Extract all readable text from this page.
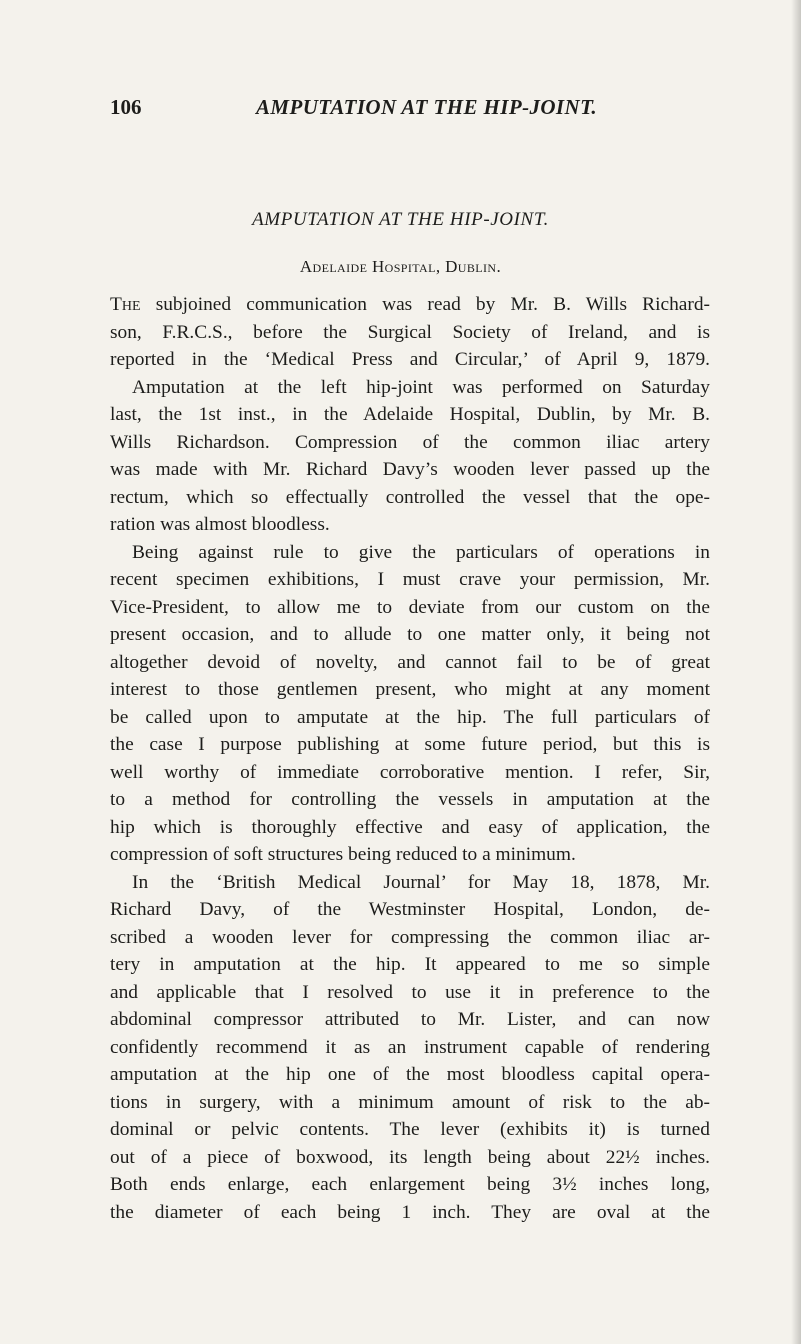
106	AMPUTATION AT THE HIP-JOINT.
AMPUTATION AT THE HIP-JOINT.
Adelaide Hospital, Dublin.
The subjoined communication was read by Mr. B. Wills Richard-
son, F.R.C.S., before the Surgical Society of Ireland, and is
reported in the ‘Medical Press and Circular,’ of April 9, 1879.
Amputation at the left hip-joint was performed on Saturday
last, the 1st inst., in the Adelaide Hospital, Dublin, by Mr. B.
Wills Richardson. Compression of the common iliac artery
was made with Mr. Richard Davy’s wooden lever passed up the
rectum, which so effectually controlled the vessel that the ope-
ration was almost bloodless.
Being against rule to give the particulars of operations in
recent specimen exhibitions, I must crave your permission, Mr.
Vice-President, to allow me to deviate from our custom on the
present occasion, and to allude to one matter only, it being not
altogether devoid of novelty, and cannot fail to be of great
interest to those gentlemen present, who might at any moment
be called upon to amputate at the hip. The full particulars of
the case I purpose publishing at some future period, but this is
well worthy of immediate corroborative mention. I refer, Sir,
to a method for controlling the vessels in amputation at the
hip which is thoroughly effective and easy of application, the
compression of soft structures being reduced to a minimum.
In the ‘British Medical Journal’ for May 18, 1878, Mr.
Richard Davy, of the Westminster Hospital, London, de-
scribed a wooden lever for compressing the common iliac ar-
tery in amputation at the hip. It appeared to me so simple
and applicable that I resolved to use it in preference to the
abdominal compressor attributed to Mr. Lister, and can now
confidently recommend it as an instrument capable of rendering
amputation at the hip one of the most bloodless capital opera-
tions in surgery, with a minimum amount of risk to the ab-
dominal or pelvic contents. The lever (exhibits it) is turned
out of a piece of boxwood, its length being about 22½ inches.
Both ends enlarge, each enlargement being 3½ inches long,
the diameter of each being 1 inch. They are oval at the
